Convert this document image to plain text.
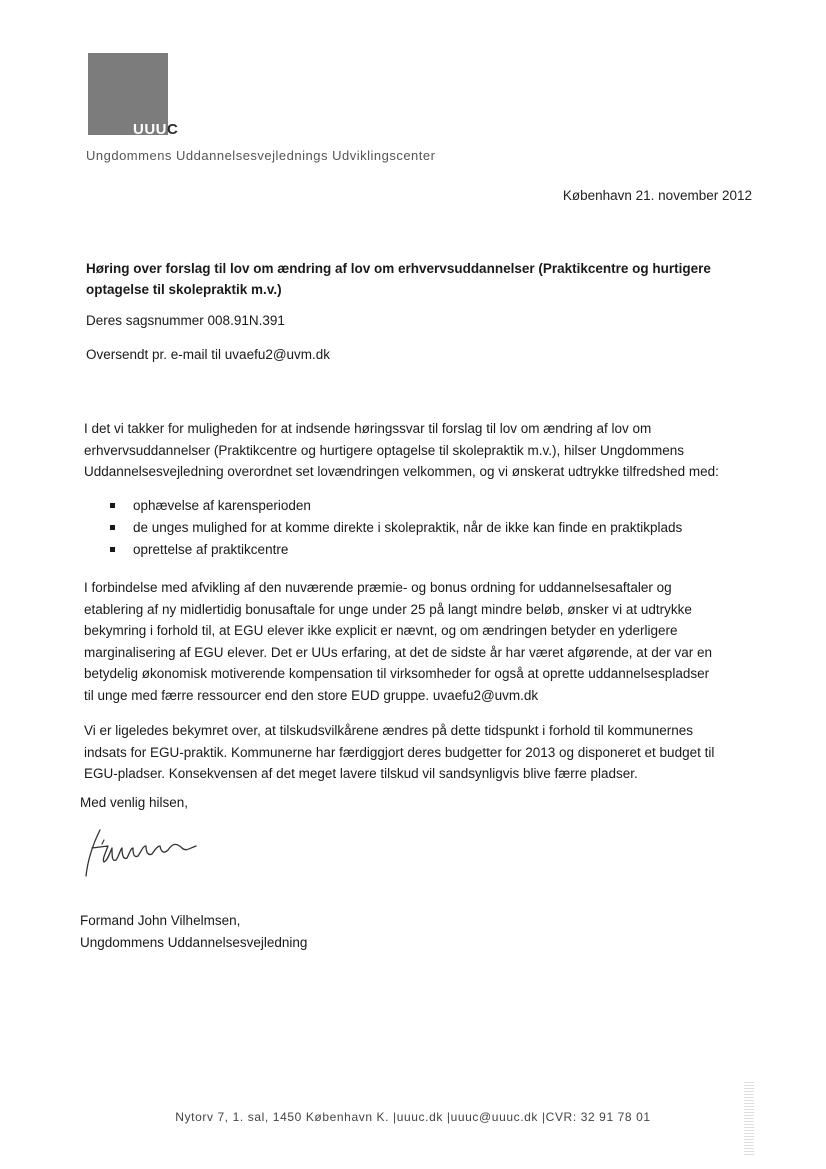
UUUC
Ungdommens Uddannelsesvejlednings Udviklingscenter
København 21. november 2012
Høring over forslag til lov om ændring af lov om erhvervsuddannelser (Praktikcentre og hurtigere
optagelse til skolepraktik m.v.)
Deres sagsnummer 008.91N.391
Oversendt pr. e-mail til uvaefu2@uvm.dk
I det vi takker for muligheden for at indsende høringssvar til forslag til lov om ændring af lov om
erhvervsuddannelser (Praktikcentre og hurtigere optagelse til skolepraktik m.v.), hilser Ungdommens
Uddannelsesvejledning overordnet set lovændringen velkommen, og vi ønskerat udtrykke tilfredshed med:
ophævelse af karensperioden
de unges mulighed for at komme direkte i skolepraktik, når de ikke kan finde en praktikplads
oprettelse af praktikcentre
I forbindelse med afvikling af den nuværende præmie- og bonus ordning for uddannelsesaftaler og
etablering af ny midlertidig bonusaftale for unge under 25 på langt mindre beløb, ønsker vi at udtrykke
bekymring i forhold til, at EGU elever ikke explicit er nævnt, og om ændringen betyder en yderligere
marginalisering af EGU elever. Det er UUs erfaring, at det de sidste år har været afgørende, at der var en
betydelig økonomisk motiverende kompensation til virksomheder for også at oprette uddannelsespladser
til unge med færre ressourcer end den store EUD gruppe. uvaefu2@uvm.dk
Vi er ligeledes bekymret over, at tilskudsvilkårene ændres på dette tidspunkt i forhold til kommunernes
indsats for EGU-praktik. Kommunerne har færdiggjort deres budgetter for 2013 og disponeret et budget til
EGU-pladser. Konsekvensen af det meget lavere tilskud vil sandsynligvis blive færre pladser.
Med venlig hilsen,
Formand John Vilhelmsen,
Ungdommens Uddannelsesvejledning
Nytorv 7, 1. sal, 1450 København K. |uuuc.dk |uuuc@uuuc.dk |CVR: 32 91 78 01
